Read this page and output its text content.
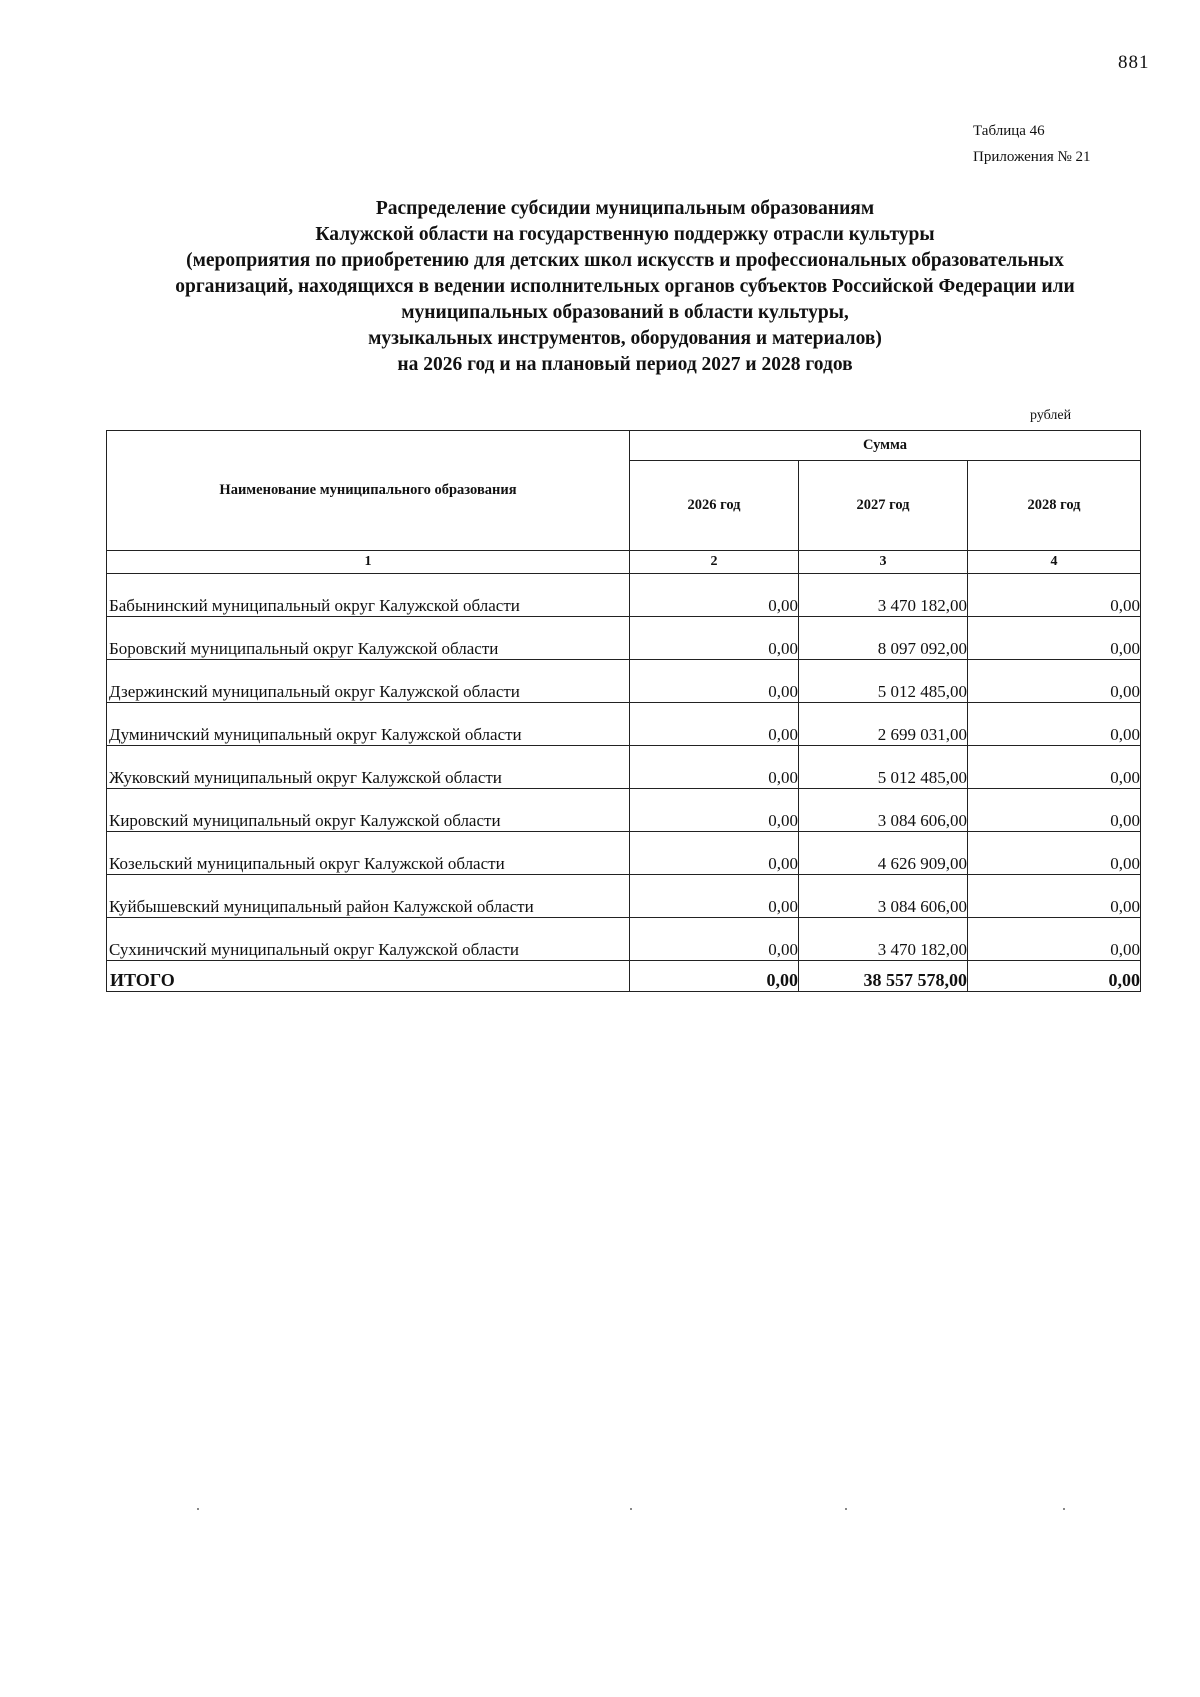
881
Таблица 46
Приложения № 21
Распределение субсидии муниципальным образованиям
Калужской области на государственную поддержку отрасли культуры
(мероприятия по приобретению для детских школ искусств и профессиональных образовательных
организаций, находящихся в ведении исполнительных органов субъектов Российской Федерации или
муниципальных образований в области культуры,
музыкальных инструментов, оборудования и материалов)
на 2026 год и на плановый период 2027 и 2028 годов
рублей
Наименование муниципального образования	Сумма		
	2026 год	2027 год	2028 год
1	2	3	4
Бабынинский муниципальный округ Калужской области	0,00	3 470 182,00	0,00
Боровский муниципальный округ Калужской области	0,00	8 097 092,00	0,00
Дзержинский муниципальный округ Калужской области	0,00	5 012 485,00	0,00
Думиничский муниципальный округ Калужской области	0,00	2 699 031,00	0,00
Жуковский муниципальный округ Калужской области	0,00	5 012 485,00	0,00
Кировский муниципальный округ Калужской области	0,00	3 084 606,00	0,00
Козельский муниципальный округ Калужской области	0,00	4 626 909,00	0,00
Куйбышевский муниципальный район Калужской области	0,00	3 084 606,00	0,00
Сухиничский муниципальный округ Калужской области	0,00	3 470 182,00	0,00
ИТОГО	0,00	38 557 578,00	0,00
